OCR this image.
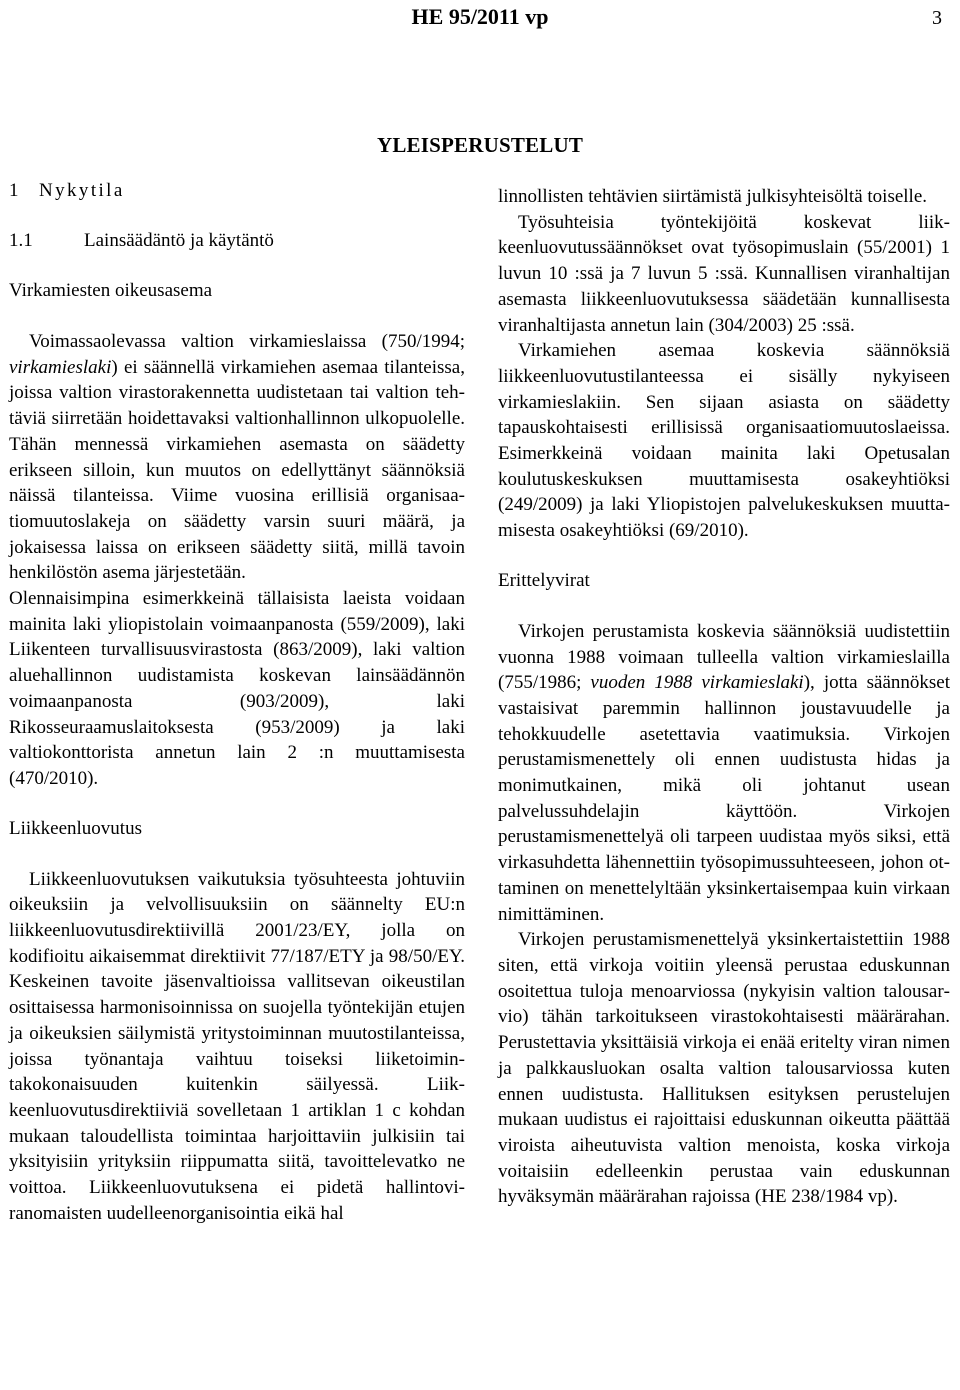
HE 95/2011 vp	3
YLEISPERUSTELUT
1 Nykytila
1.1	Lainsäädäntö ja käytäntö
Virkamiesten oikeusasema

Voimassaolevassa valtion virkamieslaissa (750/1994; virkamieslaki) ei säännellä virkamiehen asemaa tilanteissa, joissa valtion virastorakennetta uudistetaan tai valtion tehtäviä siirretään hoidettavaksi valtionhallinnon ulkopuolelle. Tähän mennessä virkamiehen asemasta on säädetty erikseen silloin, kun muutos on edellyttänyt säännöksiä näissä tilanteissa. Viime vuosina erillisiä organisaatiomuutoslakeja on säädetty varsin suuri määrä, ja jokaisessa laissa on erikseen säädetty siitä, millä tavoin henkilöstön asema järjestetään.

Olennaisimpina esimerkkeinä tällaisista laeista voidaan mainita laki yliopistolain voimaanpanosta (559/2009), laki Liikenteen turvallisuusvirastosta (863/2009), laki valtion aluehallinnon uudistamista koskevan lainsäädännön voimaanpanosta (903/2009), laki Rikosseuraamuslaitoksesta (953/2009) ja laki valtiokonttorista annetun lain 2 :n muuttamisesta (470/2010).

Liikkeenluovutus

Liikkeenluovutuksen vaikutuksia työsuhteesta johtuviin oikeuksiin ja velvollisuuksiin on säännelty EU:n liikkeenluovutusdirektiivillä 2001/23/EY, jolla on kodifioitu aikaisemmat direktiivit 77/187/ETY ja 98/50/EY. Keskeinen tavoite jäsenvaltioissa vallitsevan oikeustilan osittaisessa harmonisoinnissa on suojella työntekijän etujen ja oikeuksien säilymistä yritystoiminnan muutostilanteissa, joissa työnantaja vaihtuu toiseksi liiketoimintakokonaisuuden kuitenkin säilyessä. Liikkeenluovutusdirektiiviä sovelletaan 1 artiklan 1 c kohdan mukaan taloudellista toimintaa harjoittaviin julkisiin tai yksityisiin yrityksiin riippumatta siitä, tavoittelevatko ne voittoa. Liikkeenluovutuksena ei pidetä hallintoviranomaisten uudelleenorganisointia eikä hal

linnollisten tehtävien siirtämistä julkisyhteisöltä toiselle.

Työsuhteisia työntekijöitä koskevat liikkeenluovutussäännökset ovat työsopimuslain (55/2001) 1 luvun 10 :ssä ja 7 luvun 5 :ssä. Kunnallisen viranhaltijan asemasta liikkeenluovutuksessa säädetään kunnallisesta viranhaltijasta annetun lain (304/2003) 25 :ssä.

Virkamiehen asemaa koskevia säännöksiä liikkeenluovutustilanteessa ei sisälly nykyiseen virkamieslakiin. Sen sijaan asiasta on säädetty tapauskohtaisesti erillisissä organisaatiomuutoslaeissa. Esimerkkeinä voidaan mainita laki Opetusalan koulutuskeskuksen muuttamisesta osakeyhtiöksi (249/2009) ja laki Yliopistojen palvelukeskuksen muuttamisesta osakeyhtiöksi (69/2010).

Erittelyvirat

Virkojen perustamista koskevia säännöksiä uudistettiin vuonna 1988 voimaan tulleella valtion virkamieslailla (755/1986; vuoden 1988 virkamieslaki), jotta säännökset vastaisivat paremmin hallinnon joustavuudelle ja tehokkuudelle asetettavia vaatimuksia. Virkojen perustamismenettely oli ennen uudistusta hidas ja monimutkainen, mikä oli johtanut usean palvelussuhdelajin käyttöön. Virkojen perustamismenettelyä oli tarpeen uudistaa myös siksi, että virkasuhdetta lähennettiin työsopimussuhteeseen, johon ottaminen on menettelyltään yksinkertaisempaa kuin virkaan nimittäminen.

Virkojen perustamismenettelyä yksinkertaistettiin 1988 siten, että virkoja voitiin yleensä perustaa eduskunnan osoitettua tuloja menoarviossa (nykyisin valtion talousarvio) tähän tarkoitukseen virastokohtaisesti määrärahan. Perustettavia yksittäisiä virkoja ei enää eritelty viran nimen ja palkkausluokan osalta valtion talousarviossa kuten ennen uudistusta. Hallituksen esityksen perustelujen mukaan uudistus ei rajoittaisi eduskunnan oikeutta päättää viroista aiheutuvista valtion menoista, koska virkoja voitaisiin edelleenkin perustaa vain eduskunnan hyväksymän määrärahan rajoissa (HE 238/1984 vp).
